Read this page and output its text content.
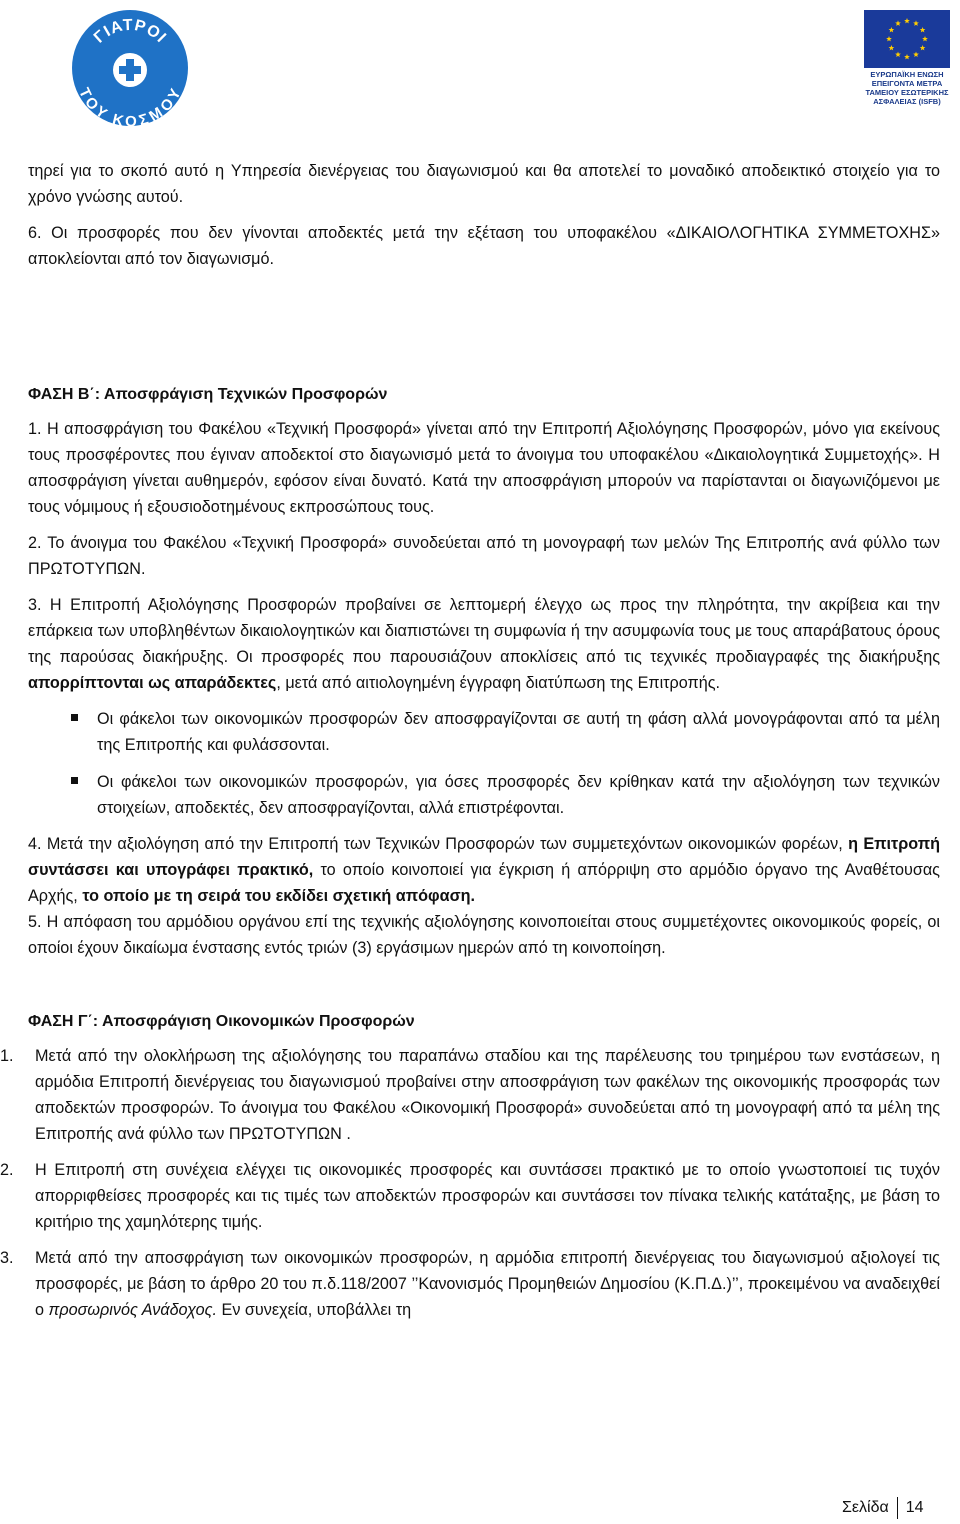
ΓΙΑΤΡΟΙ
ΤΟΥ ΚΟΣΜΟΥ
ΕΥΡΩΠΑΪΚΗ ΕΝΩΣΗ
ΕΠΕΙΓΟΝΤΑ ΜΕΤΡΑ
ΤΑΜΕΙΟΥ ΕΣΩΤΕΡΙΚΗΣ
ΑΣΦΑΛΕΙΑΣ (ISFB)

τηρεί για το σκοπό αυτό η Υπηρεσία διενέργειας του διαγωνισμού και θα αποτελεί το μοναδικό αποδεικτικό στοιχείο για το χρόνο γνώσης αυτού.

6. Οι προσφορές που δεν γίνονται αποδεκτές μετά την εξέταση του υποφακέλου «ΔΙΚΑΙΟΛΟΓΗΤΙΚΑ ΣΥΜΜΕΤΟΧΗΣ» αποκλείονται από τον διαγωνισμό.

ΦΑΣΗ Β΄: Αποσφράγιση Τεχνικών Προσφορών

1. Η αποσφράγιση του Φακέλου «Τεχνική Προσφορά» γίνεται από την Επιτροπή Αξιολόγησης Προσφορών, μόνο για εκείνους τους προσφέροντες που έγιναν αποδεκτοί στο διαγωνισμό μετά το άνοιγμα του υποφακέλου «Δικαιολογητικά Συμμετοχής». Η αποσφράγιση γίνεται αυθημερόν, εφόσον είναι δυνατό. Κατά την αποσφράγιση μπορούν να παρίστανται οι διαγωνιζόμενοι με τους νόμιμους ή εξουσιοδοτημένους εκπροσώπους τους.

2. Το άνοιγμα του Φακέλου «Τεχνική Προσφορά» συνοδεύεται από τη μονογραφή των μελών Της Επιτροπής ανά φύλλο των ΠΡΩΤΟΤΥΠΩΝ.

3. Η Επιτροπή Αξιολόγησης Προσφορών προβαίνει σε λεπτομερή έλεγχο ως προς την πληρότητα, την ακρίβεια και την επάρκεια των υποβληθέντων δικαιολογητικών και διαπιστώνει τη συμφωνία ή την ασυμφωνία τους με τους απαράβατους όρους της παρούσας διακήρυξης. Οι προσφορές που παρουσιάζουν αποκλίσεις από τις τεχνικές προδιαγραφές της διακήρυξης απορρίπτονται ως απαράδεκτες, μετά από αιτιολογημένη έγγραφη διατύπωση της Επιτροπής.

Οι φάκελοι των οικονομικών προσφορών δεν αποσφραγίζονται σε αυτή τη φάση αλλά μονογράφονται από τα μέλη της Επιτροπής και φυλάσσονται.

Οι φάκελοι των οικονομικών προσφορών, για όσες προσφορές δεν κρίθηκαν κατά την αξιολόγηση των τεχνικών στοιχείων, αποδεκτές, δεν αποσφραγίζονται, αλλά επιστρέφονται.

4. Μετά την αξιολόγηση από την Επιτροπή των Τεχνικών Προσφορών των συμμετεχόντων οικονομικών φορέων, η Επιτροπή συντάσσει και υπογράφει πρακτικό, το οποίο κοινοποιεί για έγκριση ή απόρριψη στο αρμόδιο όργανο της Αναθέτουσας Αρχής, το οποίο με τη σειρά του εκδίδει σχετική απόφαση.

5. Η απόφαση του αρμόδιου οργάνου επί της τεχνικής αξιολόγησης κοινοποιείται στους συμμετέχοντες οικονομικούς φορείς, οι οποίοι έχουν δικαίωμα ένστασης εντός τριών (3) εργάσιμων ημερών από τη κοινοποίηση.

ΦΑΣΗ Γ΄: Αποσφράγιση Οικονομικών Προσφορών

1. Μετά από την ολοκλήρωση της αξιολόγησης του παραπάνω σταδίου και της παρέλευσης του τριημέρου των ενστάσεων, η αρμόδια Επιτροπή διενέργειας του διαγωνισμού προβαίνει στην αποσφράγιση των φακέλων της οικονομικής προσφοράς των αποδεκτών προσφορών. Το άνοιγμα του Φακέλου «Οικονομική Προσφορά» συνοδεύεται από τη μονογραφή από τα μέλη της Επιτροπής ανά φύλλο των ΠΡΩΤΟΤΥΠΩΝ .

2. Η Επιτροπή στη συνέχεια ελέγχει τις οικονομικές προσφορές και συντάσσει πρακτικό με το οποίο γνωστοποιεί τις τυχόν απορριφθείσες προσφορές και τις τιμές των αποδεκτών προσφορών και συντάσσει τον πίνακα τελικής κατάταξης, με βάση το κριτήριο της χαμηλότερης τιμής.

3. Μετά από την αποσφράγιση των οικονομικών προσφορών, η αρμόδια επιτροπή διενέργειας του διαγωνισμού αξιολογεί τις προσφορές, με βάση το άρθρο 20 του π.δ.118/2007 ’’Κανονισμός Προμηθειών Δημοσίου (Κ.Π.Δ.)’’, προκειμένου να αναδειχθεί ο προσωρινός Ανάδοχος. Εν συνεχεία, υποβάλλει τη

Σελίδα 14
